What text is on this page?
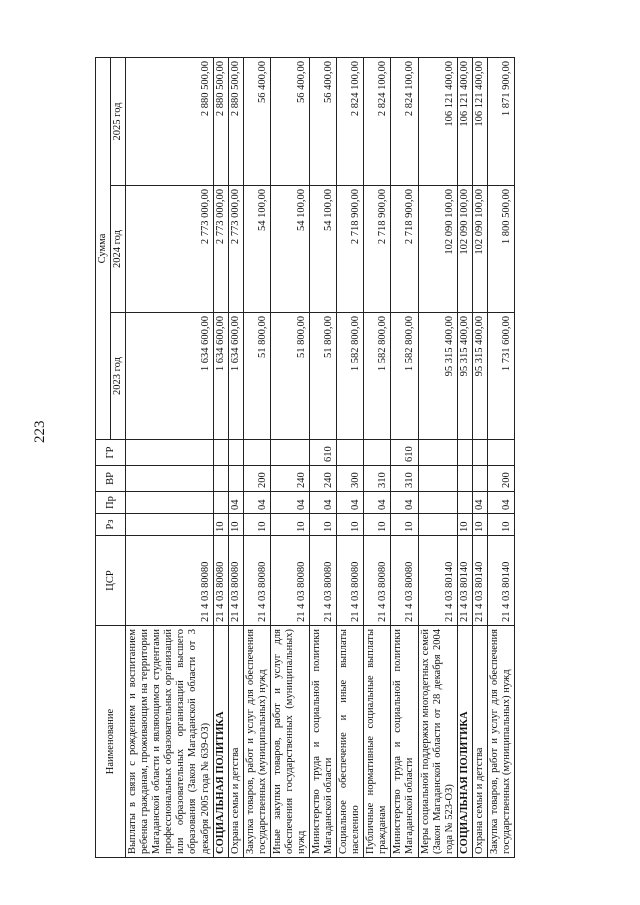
223
Наименование	ЦСР	Рз	Пр	ВР	ГР	Сумма		
						2023 год	2024 год	2025 год
Выплаты в связи с рождением и воспитанием ребенка гражданам, проживающим на территории Магаданской области и являющимся студентами профессиональных образовательных организаций или образовательных организаций высшего образования (Закон Магаданской области от 3 декабря 2005 года № 639-ОЗ)	21 4 03 80080					1 634 600,00	2 773 000,00	2 880 500,00
СОЦИАЛЬНАЯ ПОЛИТИКА	21 4 03 80080	10				1 634 600,00	2 773 000,00	2 880 500,00
Охрана семьи и детства	21 4 03 80080	10	04			1 634 600,00	2 773 000,00	2 880 500,00
Закупка товаров, работ и услуг для обеспечения государственных (муниципальных) нужд	21 4 03 80080	10	04	200		51 800,00	54 100,00	56 400,00
Иные закупки товаров, работ и услуг для обеспечения государственных (муниципальных) нужд	21 4 03 80080	10	04	240		51 800,00	54 100,00	56 400,00
Министерство труда и социальной политики Магаданской области	21 4 03 80080	10	04	240	610	51 800,00	54 100,00	56 400,00
Социальное обеспечение и иные выплаты населению	21 4 03 80080	10	04	300		1 582 800,00	2 718 900,00	2 824 100,00
Публичные нормативные социальные выплаты гражданам	21 4 03 80080	10	04	310		1 582 800,00	2 718 900,00	2 824 100,00
Министерство труда и социальной политики Магаданской области	21 4 03 80080	10	04	310	610	1 582 800,00	2 718 900,00	2 824 100,00
Меры социальной поддержки многодетных семей (Закон Магаданской области от 28 декабря 2004 года № 523-ОЗ)	21 4 03 80140					95 315 400,00	102 090 100,00	106 121 400,00
СОЦИАЛЬНАЯ ПОЛИТИКА	21 4 03 80140	10				95 315 400,00	102 090 100,00	106 121 400,00
Охрана семьи и детства	21 4 03 80140	10	04			95 315 400,00	102 090 100,00	106 121 400,00
Закупка товаров, работ и услуг для обеспечения государственных (муниципальных) нужд	21 4 03 80140	10	04	200		1 731 600,00	1 800 500,00	1 871 900,00
